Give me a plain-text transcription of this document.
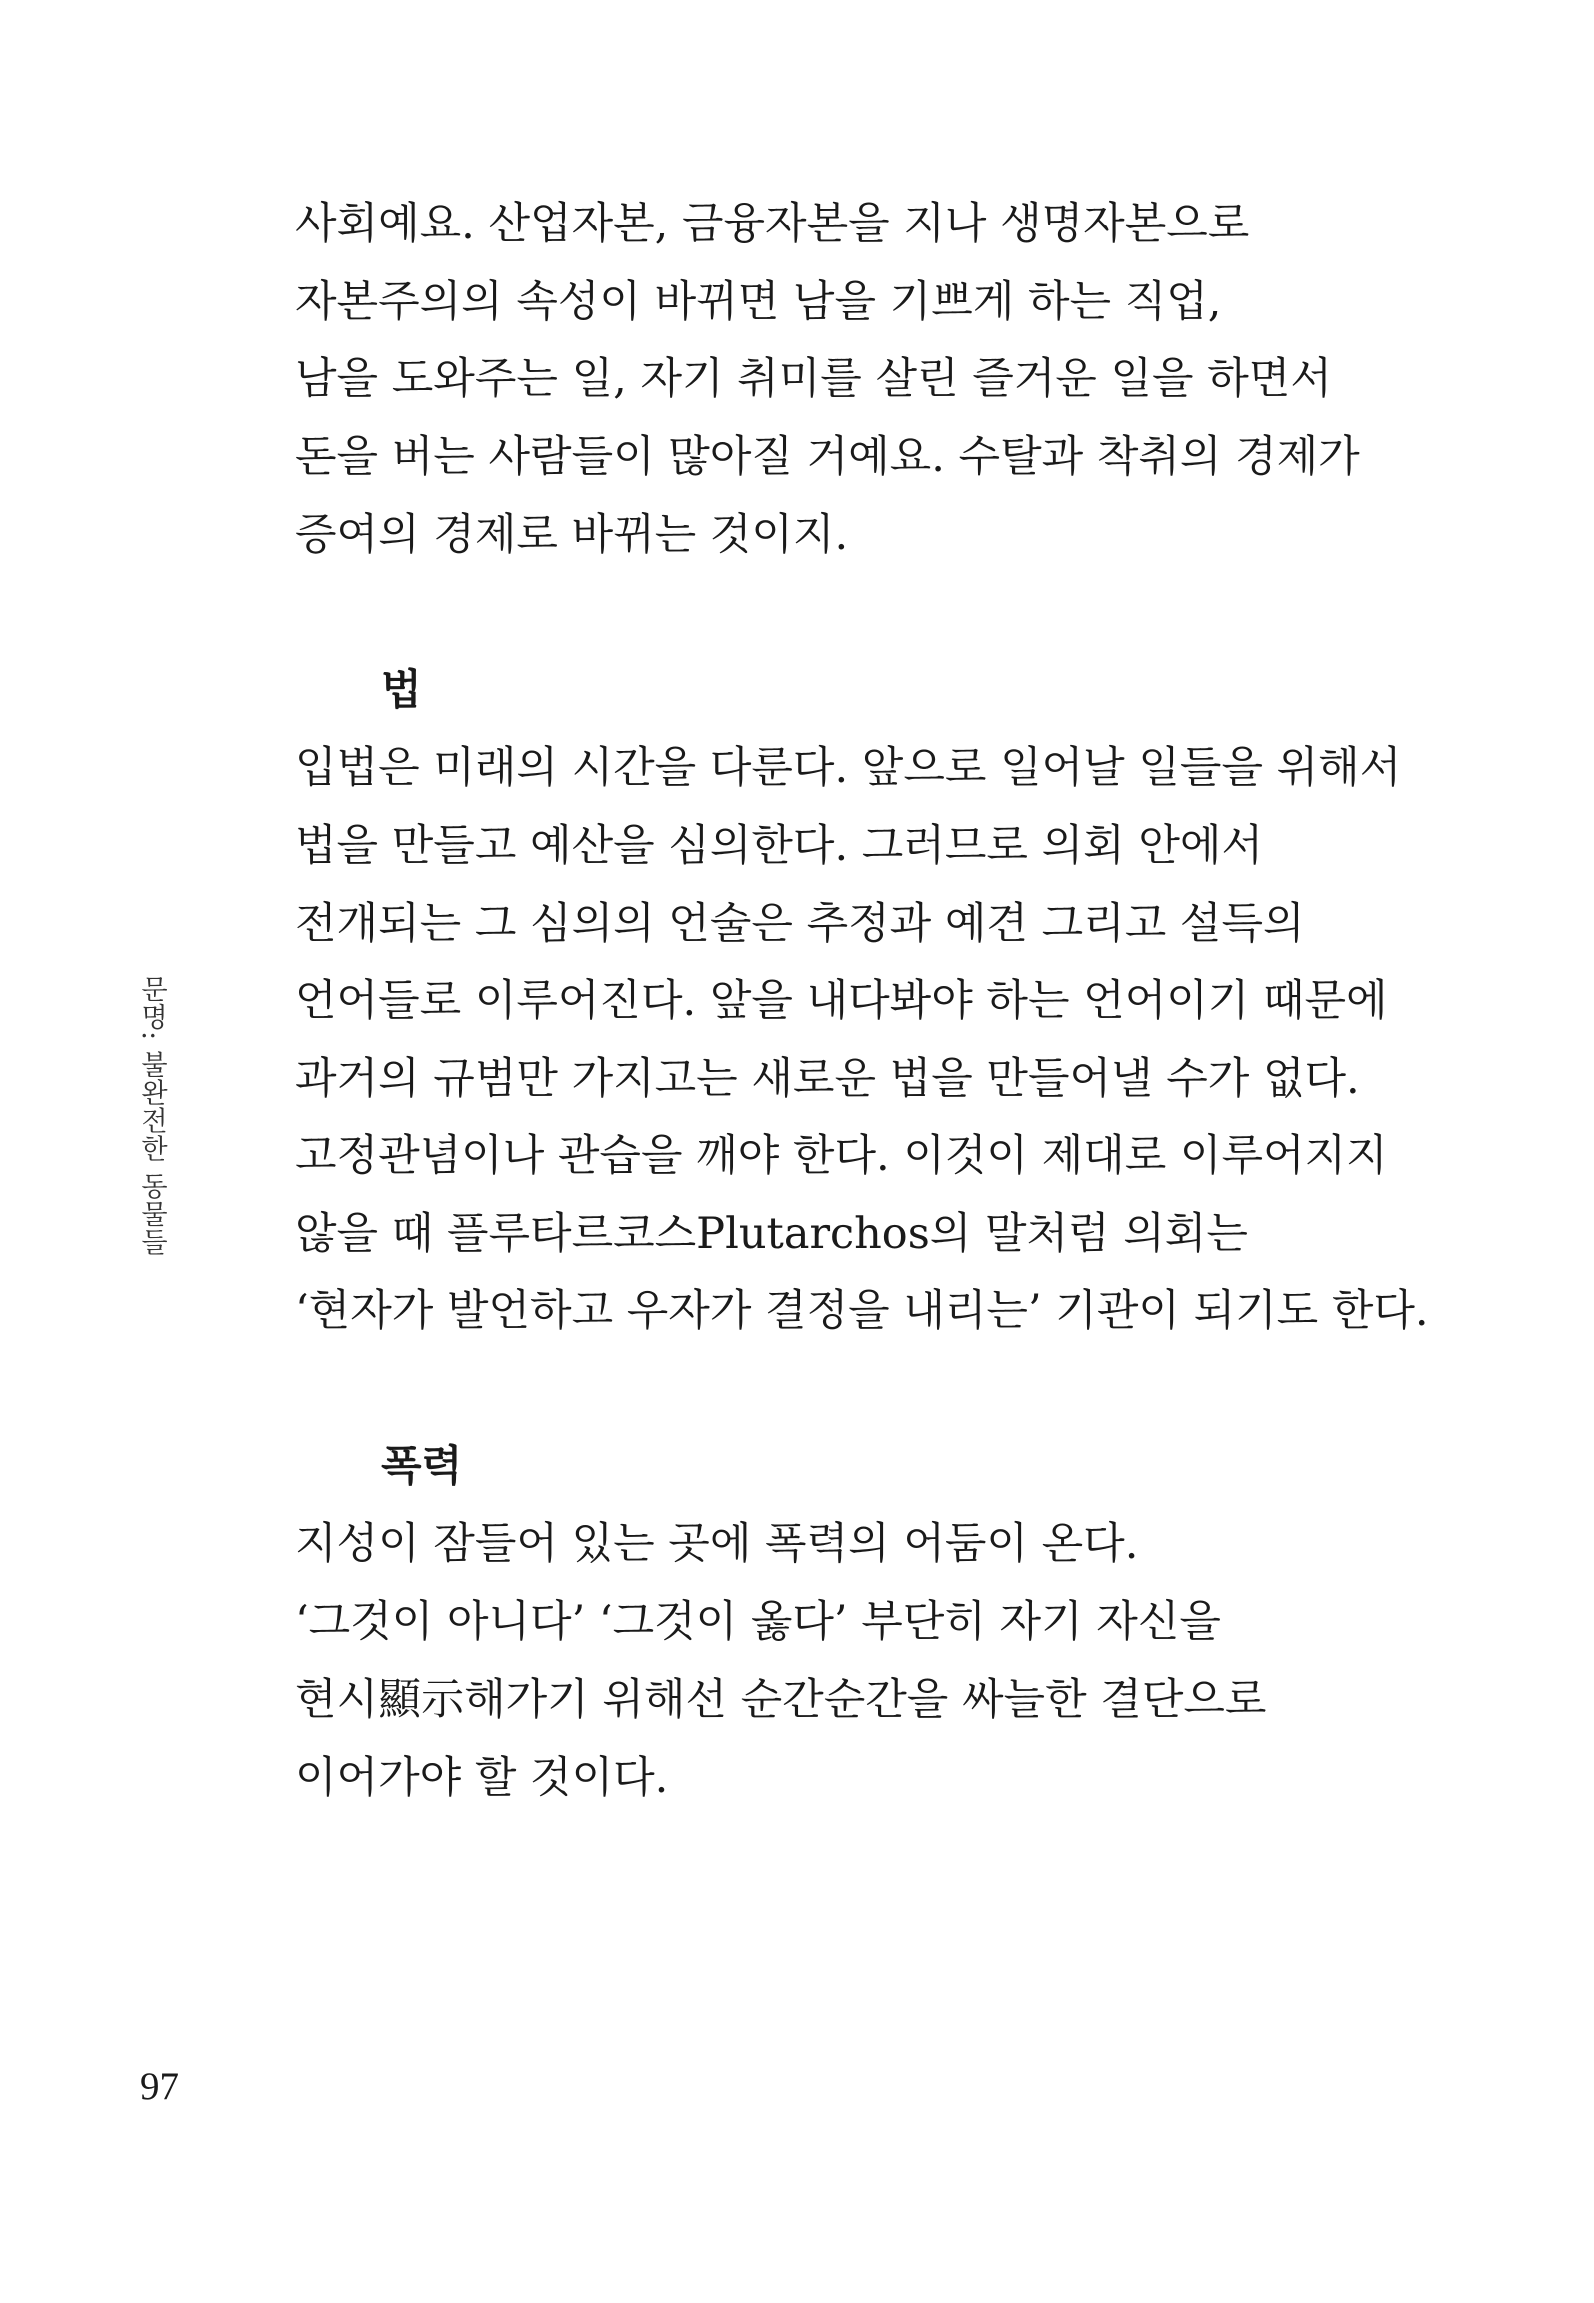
문명: 불완전한 동물들
사회예요. 산업자본, 금융자본을 지나 생명자본으로
자본주의의 속성이 바뀌면 남을 기쁘게 하는 직업,
남을 도와주는 일, 자기 취미를 살린 즐거운 일을 하면서
돈을 버는 사람들이 많아질 거예요. 수탈과 착취의 경제가
증여의 경제로 바뀌는 것이지.
법
입법은 미래의 시간을 다룬다. 앞으로 일어날 일들을 위해서
법을 만들고 예산을 심의한다. 그러므로 의회 안에서
전개되는 그 심의의 언술은 추정과 예견 그리고 설득의
언어들로 이루어진다. 앞을 내다봐야 하는 언어이기 때문에
과거의 규범만 가지고는 새로운 법을 만들어낼 수가 없다.
고정관념이나 관습을 깨야 한다. 이것이 제대로 이루어지지
않을 때 플루타르코스Plutarchos의 말처럼 의회는
‘현자가 발언하고 우자가 결정을 내리는’ 기관이 되기도 한다.
폭력
지성이 잠들어 있는 곳에 폭력의 어둠이 온다.
‘그것이 아니다’ ‘그것이 옳다’ 부단히 자기 자신을
현시顯示해가기 위해선 순간순간을 싸늘한 결단으로
이어가야 할 것이다.
97
